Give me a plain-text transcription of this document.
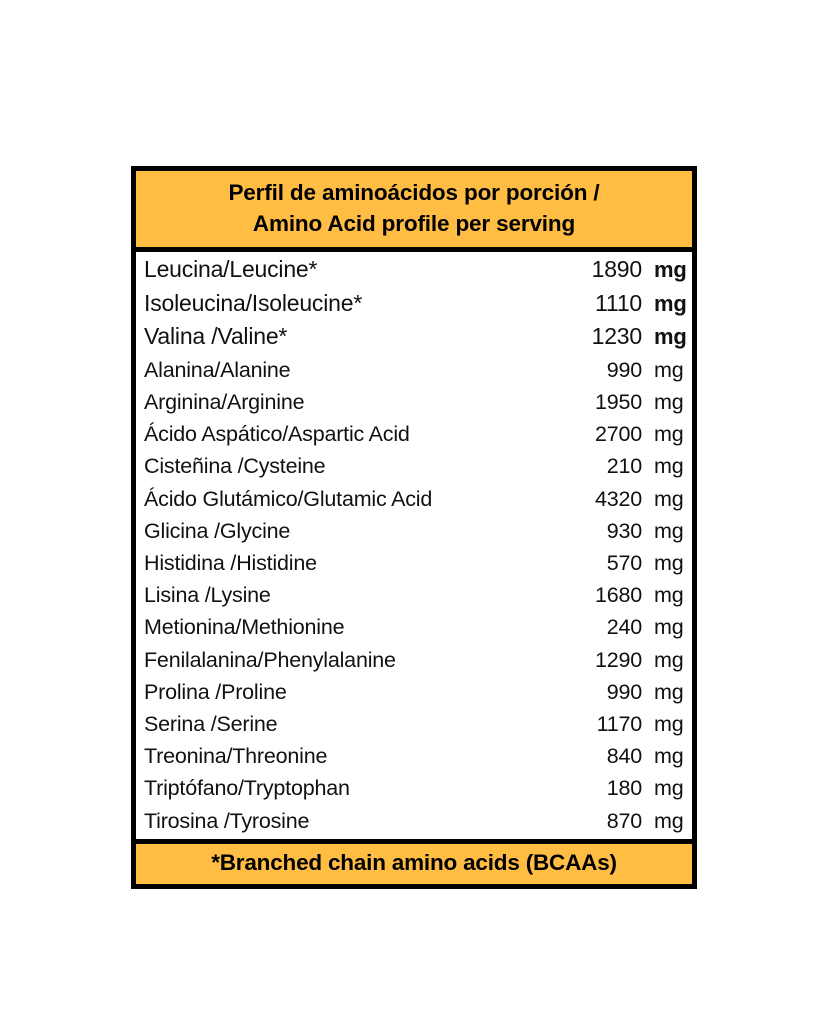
Perfil de aminoácidos por porción /
Amino Acid profile per serving
Leucina/Leucine*	1890 mg
Isoleucina/Isoleucine*	1110 mg
Valina /Valine*	1230 mg
Alanina/Alanine	990 mg
Arginina/Arginine	1950 mg
Ácido Aspático/Aspartic Acid	2700 mg
Cisteñina /Cysteine	210 mg
Ácido Glutámico/Glutamic Acid	4320 mg
Glicina /Glycine	930 mg
Histidina /Histidine	570 mg
Lisina /Lysine	1680 mg
Metionina/Methionine	240 mg
Fenilalanina/Phenylalanine	1290 mg
Prolina /Proline	990 mg
Serina /Serine	1170 mg
Treonina/Threonine	840 mg
Triptófano/Tryptophan	180 mg
Tirosina /Tyrosine	870 mg
*Branched chain amino acids (BCAAs)
